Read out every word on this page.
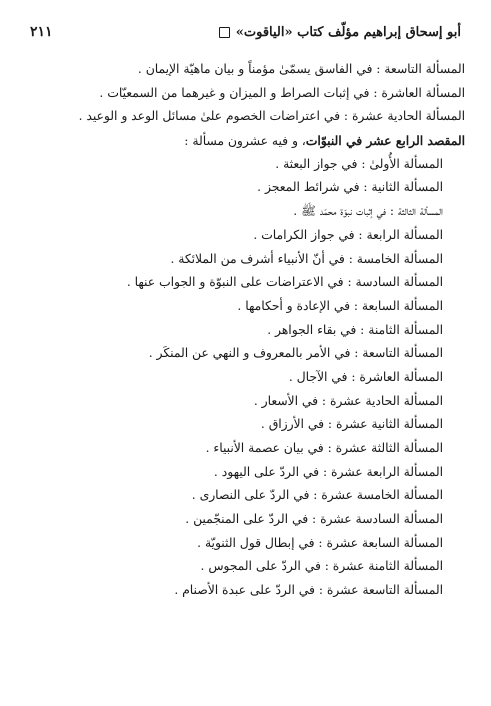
أبو إسحاق إبراهيم مؤلّف كتاب «الياقوت»
٢١١
المسألة التاسعة : في الفاسق يسمّىٰ مؤمناً و بيان ماهيّة الإيمان .
المسألة العاشرة : في إثبات الصراط و الميزان و غيرهما من السمعيّات .
المسألة الحادية عشرة : في اعتراضات الخصوم علىٰ مسائل الوعد و الوعيد .
المقصد الرابع عشر في النبوّات، و فيه عشرون مسألة :
المسألة الأُولىٰ : في جواز البعثة .
المسألة الثانية : في شرائط المعجز .
المسألة الثالثة : في إثبات نبوّة محمّد ﷺ .
المسألة الرابعة : في جواز الكرامات .
المسألة الخامسة : في أنّ الأنبياء أشرف من الملائكة .
المسألة السادسة : في الاعتراضات على النبوّة و الجواب عنها .
المسألة السابعة : في الإعادة و أحكامها .
المسألة الثامنة : في بقاء الجواهر .
المسألة التاسعة : في الأمر بالمعروف و النهي عن المنكَر .
المسألة العاشرة : في الآجال .
المسألة الحادية عشرة : في الأسعار .
المسألة الثانية عشرة : في الأرزاق .
المسألة الثالثة عشرة : في بيان عصمة الأنبياء .
المسألة الرابعة عشرة : في الردّ على اليهود .
المسألة الخامسة عشرة : في الردّ على النصارى .
المسألة السادسة عشرة : في الردّ على المنجّمين .
المسألة السابعة عشرة : في إبطال قول الثنويّة .
المسألة الثامنة عشرة : في الردّ على المجوس .
المسألة التاسعة عشرة : في الردّ على عبدة الأصنام .
